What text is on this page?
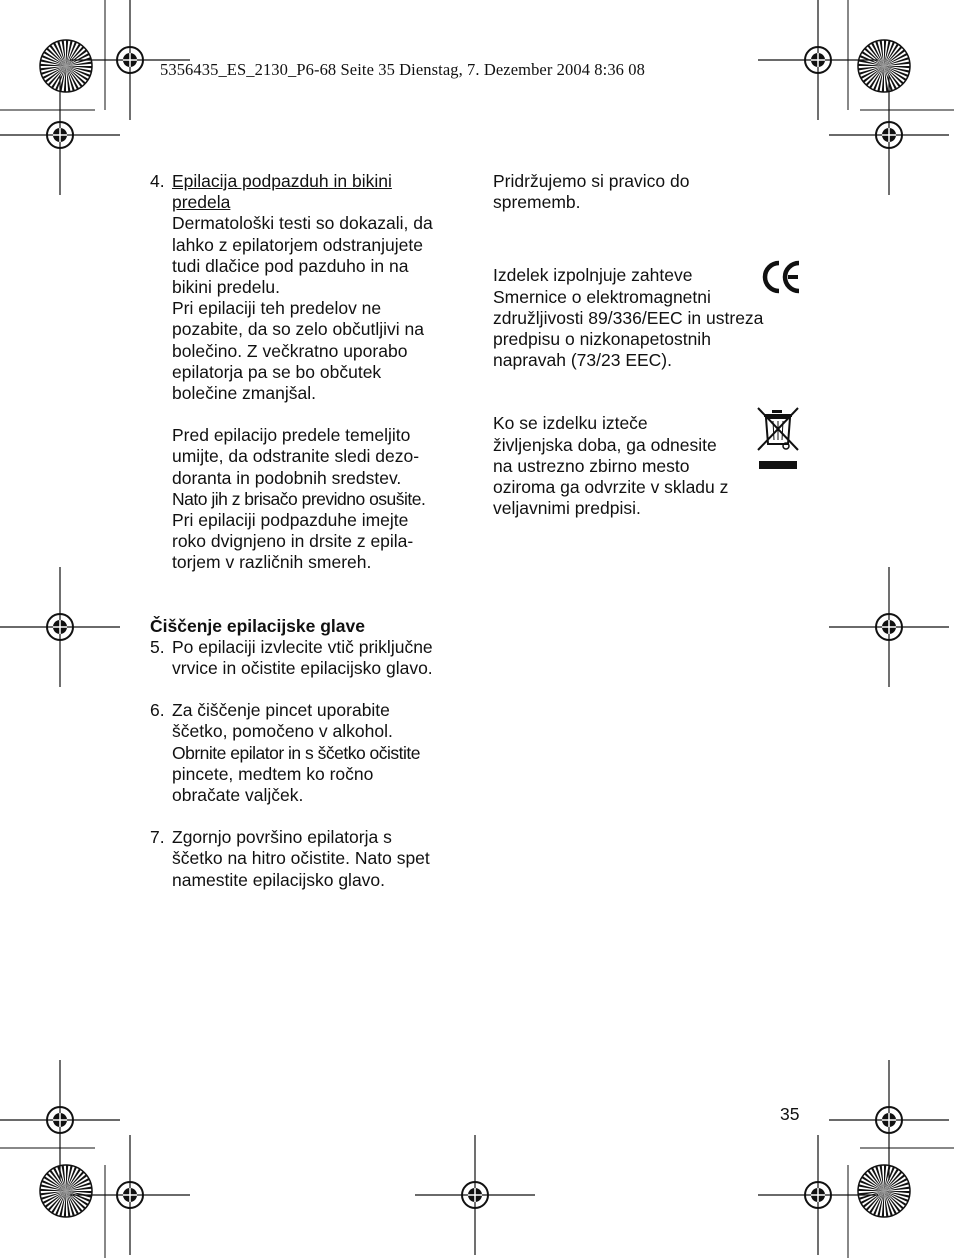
5356435_ES_2130_P6-68 Seite 35 Dienstag, 7. Dezember 2004 8:36 08
4. Epilacija podpazduh in bikini
predela
Dermatološki testi so dokazali, da
lahko z epilatorjem odstranjujete
tudi dlačice pod pazduho in na
bikini predelu.
Pri epilaciji teh predelov ne
pozabite, da so zelo občutljivi na
bolečino. Z večkratno uporabo
epilatorja pa se bo občutek
bolečine zmanjšal.
Pred epilacijo predele temeljito
umijte, da odstranite sledi dezo-
doranta in podobnih sredstev.
Nato jih z brisačo previdno osušite.
Pri epilaciji podpazduhe imejte
roko dvignjeno in drsite z epila-
torjem v različnih smereh.
Čiščenje epilacijske glave
5. Po epilaciji izvlecite vtič priključne
vrvice in očistite epilacijsko glavo.
6. Za čiščenje pincet uporabite
ščetko, pomočeno v alkohol.
Obrnite epilator in s ščetko očistite
pincete, medtem ko ročno
obračate valjček.
7. Zgornjo površino epilatorja s
ščetko na hitro očistite. Nato spet
namestite epilacijsko glavo.
Pridržujemo si pravico do
sprememb.
Izdelek izpolnjuje zahteve
Smernice o elektromagnetni
združljivosti 89/336/EEC in ustreza
predpisu o nizkonapetostnih
napravah (73/23 EEC).
Ko se izdelku izteče
življenjska doba, ga odnesite
na ustrezno zbirno mesto
oziroma ga odvrzite v skladu z
veljavnimi predpisi.
35
